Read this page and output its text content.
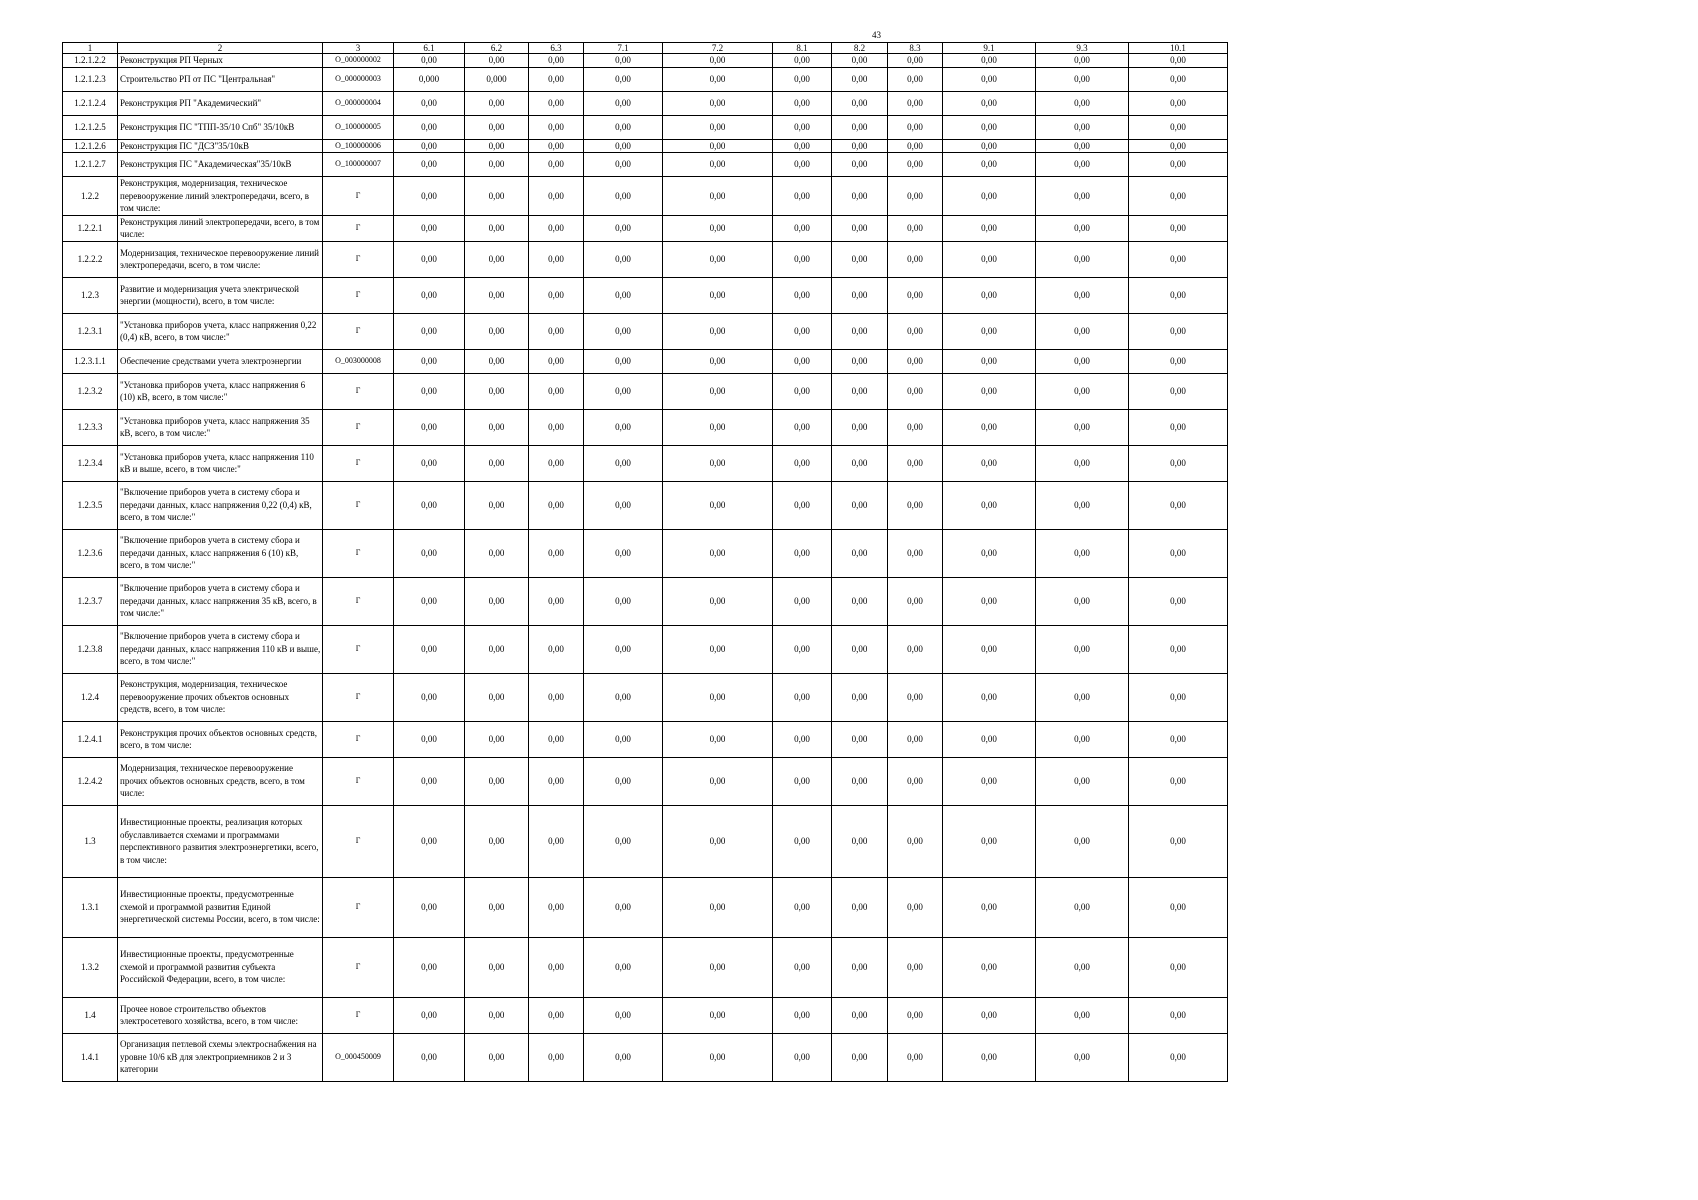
43
1	2	3	6.1	6.2	6.3	7.1	7.2	8.1	8.2	8.3	9.1	9.3	10.1
1.2.1.2.2	Реконструкция РП Черных	О_000000002	0,00	0,00	0,00	0,00	0,00	0,00	0,00	0,00	0,00	0,00	0,00
1.2.1.2.3	Строительство РП от ПС "Центральная"	О_000000003	0,000	0,000	0,00	0,00	0,00	0,00	0,00	0,00	0,00	0,00	0,00
1.2.1.2.4	Реконструкция РП "Академический"	О_000000004	0,00	0,00	0,00	0,00	0,00	0,00	0,00	0,00	0,00	0,00	0,00
1.2.1.2.5	Реконструкция ПС "ТПП-35/10 Спб" 35/10кВ	О_100000005	0,00	0,00	0,00	0,00	0,00	0,00	0,00	0,00	0,00	0,00	0,00
1.2.1.2.6	Реконструкция ПС "ДСЗ"35/10кВ	О_100000006	0,00	0,00	0,00	0,00	0,00	0,00	0,00	0,00	0,00	0,00	0,00
1.2.1.2.7	Реконструкция ПС "Академическая"35/10кВ	О_100000007	0,00	0,00	0,00	0,00	0,00	0,00	0,00	0,00	0,00	0,00	0,00
1.2.2	Реконструкция, модернизация, техническое перевооружение линий электропередачи, всего, в том числе:	Г	0,00	0,00	0,00	0,00	0,00	0,00	0,00	0,00	0,00	0,00	0,00
1.2.2.1	Реконструкция линий электропередачи, всего, в том числе:	Г	0,00	0,00	0,00	0,00	0,00	0,00	0,00	0,00	0,00	0,00	0,00
1.2.2.2	Модернизация, техническое перевооружение линий электропередачи, всего, в том числе:	Г	0,00	0,00	0,00	0,00	0,00	0,00	0,00	0,00	0,00	0,00	0,00
1.2.3	Развитие и модернизация учета электрической энергии (мощности), всего, в том числе:	Г	0,00	0,00	0,00	0,00	0,00	0,00	0,00	0,00	0,00	0,00	0,00
1.2.3.1	"Установка приборов учета, класс напряжения 0,22 (0,4) кВ, всего, в том числе:"	Г	0,00	0,00	0,00	0,00	0,00	0,00	0,00	0,00	0,00	0,00	0,00
1.2.3.1.1	Обеспечение средствами учета электроэнергии	О_003000008	0,00	0,00	0,00	0,00	0,00	0,00	0,00	0,00	0,00	0,00	0,00
1.2.3.2	"Установка приборов учета, класс напряжения 6 (10) кВ, всего, в том числе:"	Г	0,00	0,00	0,00	0,00	0,00	0,00	0,00	0,00	0,00	0,00	0,00
1.2.3.3	"Установка приборов учета, класс напряжения 35 кВ, всего, в том числе:"	Г	0,00	0,00	0,00	0,00	0,00	0,00	0,00	0,00	0,00	0,00	0,00
1.2.3.4	"Установка приборов учета, класс напряжения 110 кВ и выше, всего, в том числе:"	Г	0,00	0,00	0,00	0,00	0,00	0,00	0,00	0,00	0,00	0,00	0,00
1.2.3.5	"Включение приборов учета в систему сбора и передачи данных, класс напряжения 0,22 (0,4) кВ, всего, в том числе:"	Г	0,00	0,00	0,00	0,00	0,00	0,00	0,00	0,00	0,00	0,00	0,00
1.2.3.6	"Включение приборов учета в систему сбора и передачи данных, класс напряжения 6 (10) кВ, всего, в том числе:"	Г	0,00	0,00	0,00	0,00	0,00	0,00	0,00	0,00	0,00	0,00	0,00
1.2.3.7	"Включение приборов учета в систему сбора и передачи данных, класс напряжения 35 кВ, всего, в том числе:"	Г	0,00	0,00	0,00	0,00	0,00	0,00	0,00	0,00	0,00	0,00	0,00
1.2.3.8	"Включение приборов учета в систему сбора и передачи данных, класс напряжения 110 кВ и выше, всего, в том числе:"	Г	0,00	0,00	0,00	0,00	0,00	0,00	0,00	0,00	0,00	0,00	0,00
1.2.4	Реконструкция, модернизация, техническое перевооружение прочих объектов основных средств, всего, в том числе:	Г	0,00	0,00	0,00	0,00	0,00	0,00	0,00	0,00	0,00	0,00	0,00
1.2.4.1	Реконструкция прочих объектов основных средств, всего, в том числе:	Г	0,00	0,00	0,00	0,00	0,00	0,00	0,00	0,00	0,00	0,00	0,00
1.2.4.2	Модернизация, техническое перевооружение прочих объектов основных средств, всего, в том числе:	Г	0,00	0,00	0,00	0,00	0,00	0,00	0,00	0,00	0,00	0,00	0,00
1.3	Инвестиционные проекты, реализация которых обуславливается схемами и программами перспективного развития электроэнергетики, всего, в том числе:	Г	0,00	0,00	0,00	0,00	0,00	0,00	0,00	0,00	0,00	0,00	0,00
1.3.1	Инвестиционные проекты, предусмотренные схемой и программой развития Единой энергетической системы России, всего, в том числе:	Г	0,00	0,00	0,00	0,00	0,00	0,00	0,00	0,00	0,00	0,00	0,00
1.3.2	Инвестиционные проекты, предусмотренные схемой и программой развития субъекта Российской Федерации, всего, в том числе:	Г	0,00	0,00	0,00	0,00	0,00	0,00	0,00	0,00	0,00	0,00	0,00
1.4	Прочее новое строительство объектов электросетевого хозяйства, всего, в том числе:	Г	0,00	0,00	0,00	0,00	0,00	0,00	0,00	0,00	0,00	0,00	0,00
1.4.1	Организация петлевой схемы электроснабжения на уровне 10/6 кВ для электроприемников 2 и 3 категории	О_000450009	0,00	0,00	0,00	0,00	0,00	0,00	0,00	0,00	0,00	0,00	0,00
